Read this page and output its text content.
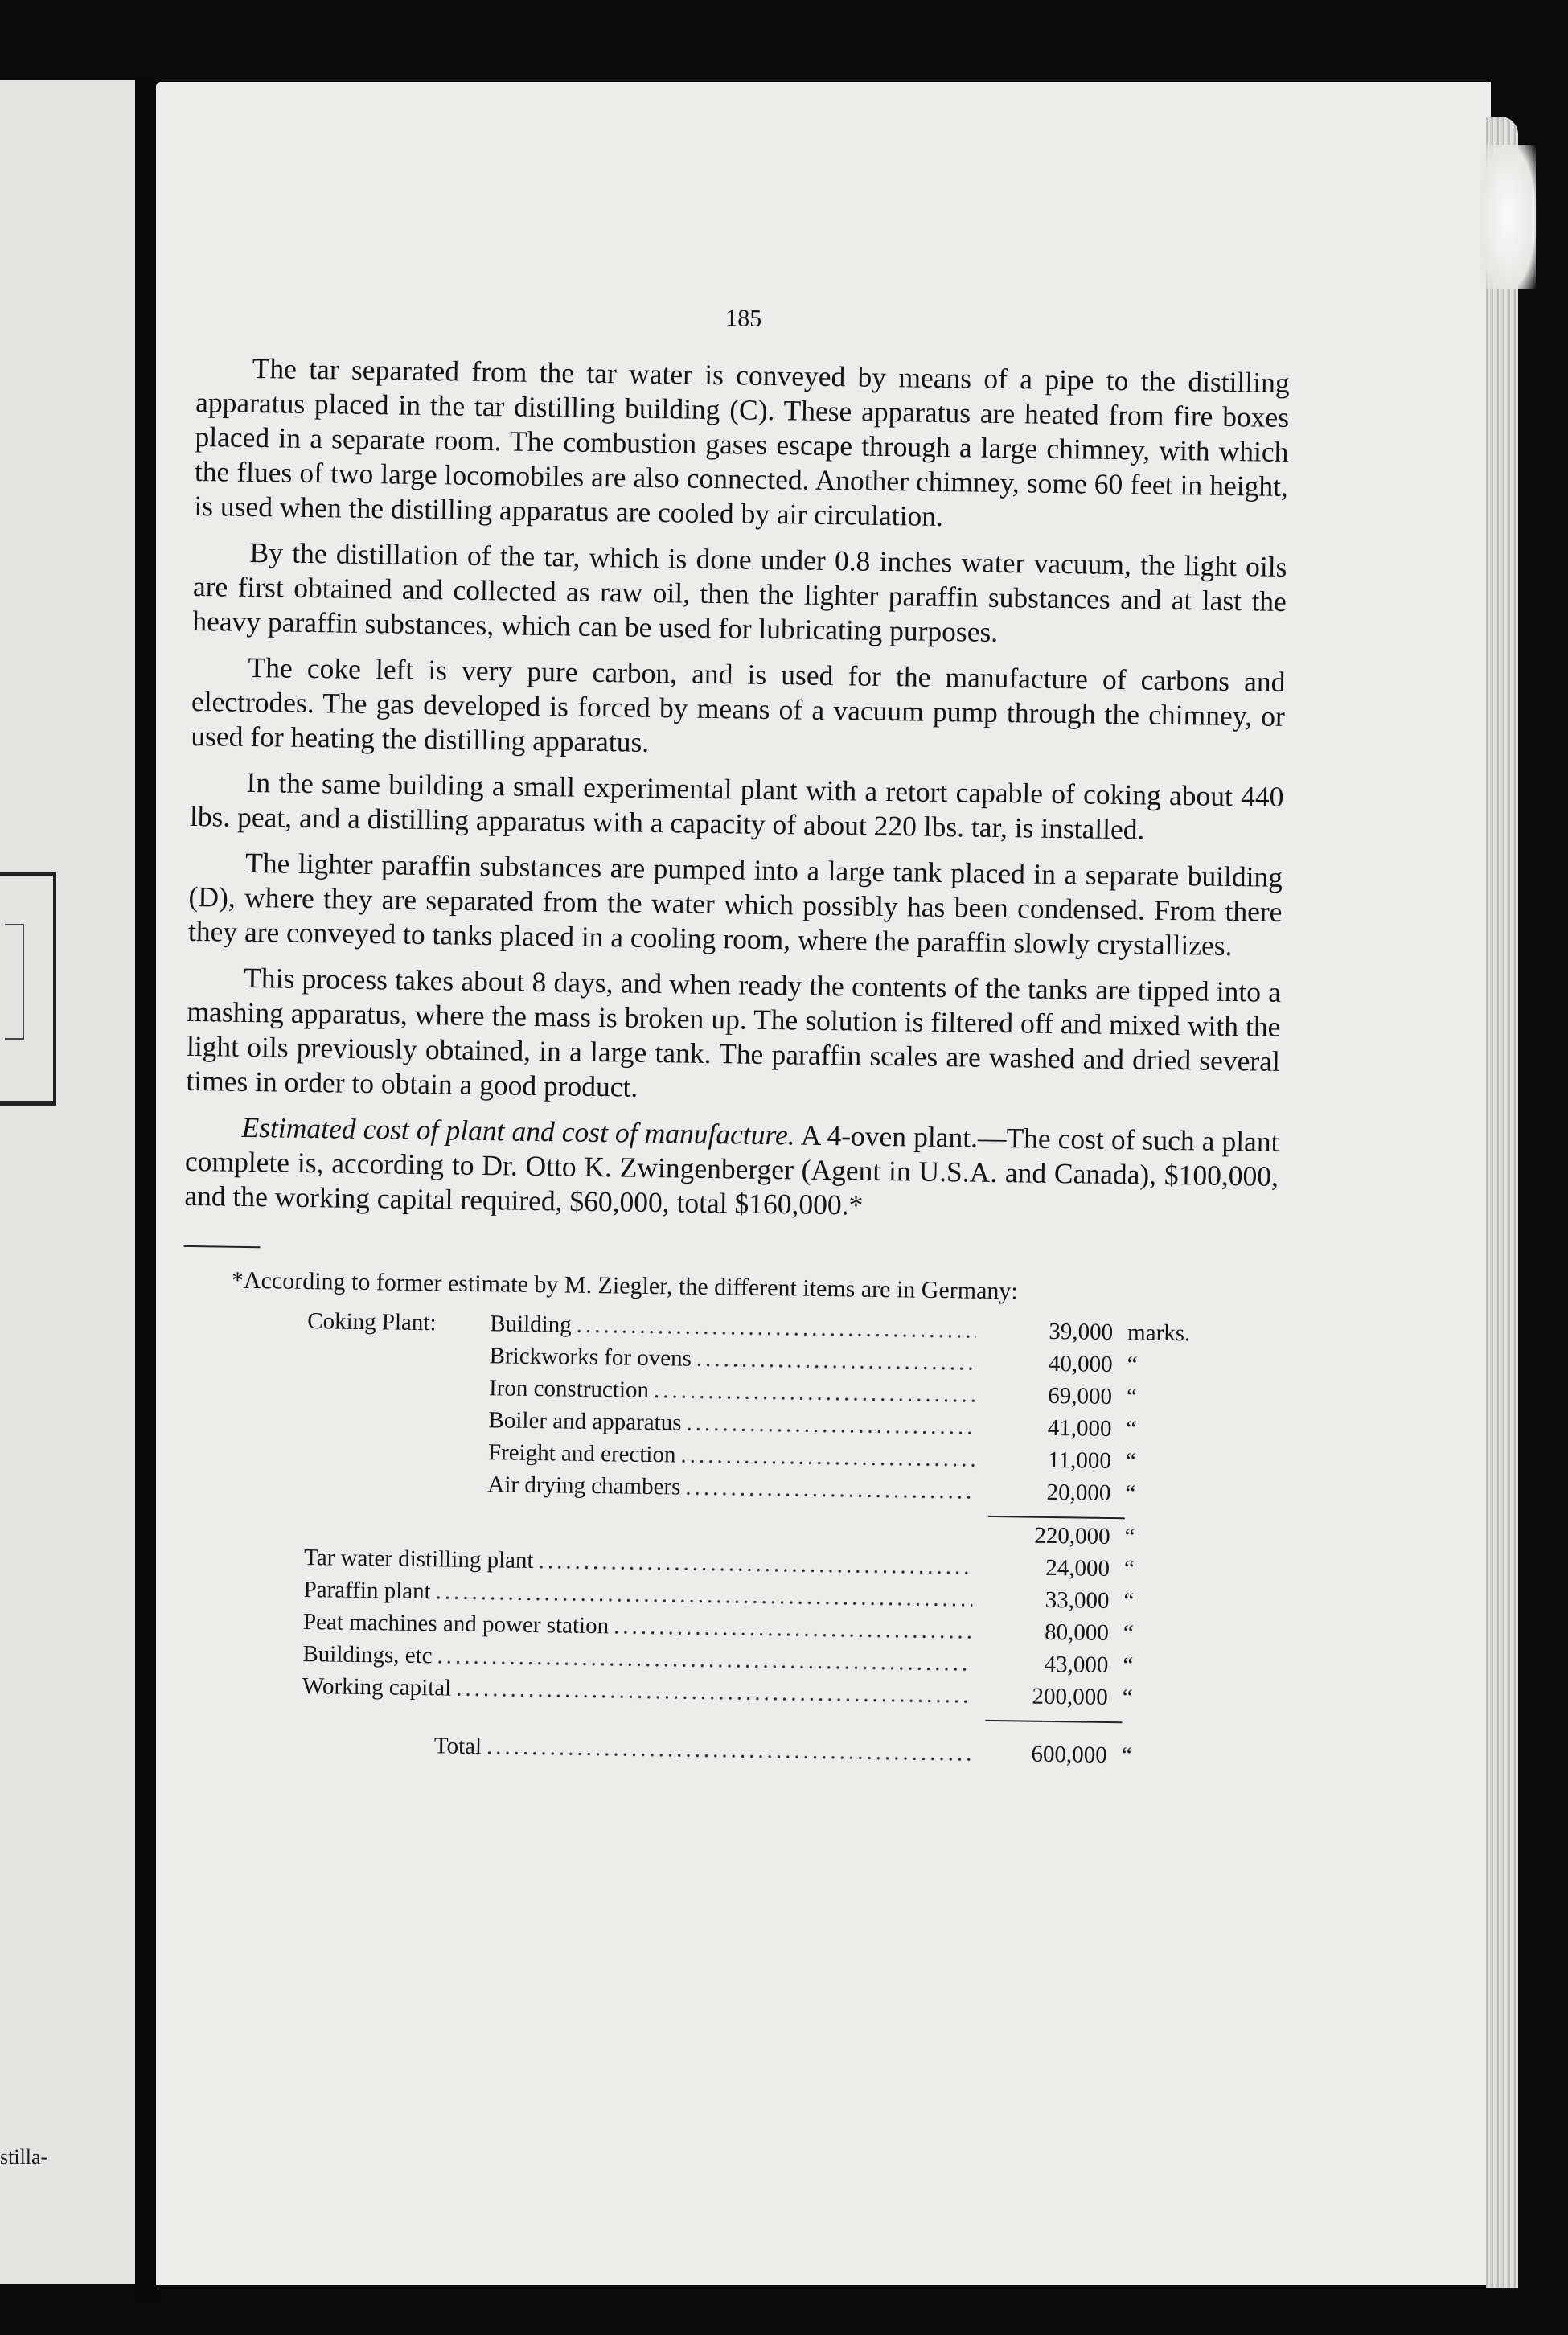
stilla-
185

The tar separated from the tar water is conveyed by means of a pipe to the distilling apparatus placed in the tar distilling building (C). These apparatus are heated from fire boxes placed in a separate room. The combustion gases escape through a large chimney, with which the flues of two large locomobiles are also connected. Another chimney, some 60 feet in height, is used when the distilling apparatus are cooled by air circulation.

By the distillation of the tar, which is done under 0.8 inches water vacuum, the light oils are first obtained and collected as raw oil, then the lighter paraffin substances and at last the heavy paraffin substances, which can be used for lubricating purposes.

The coke left is very pure carbon, and is used for the manufacture of carbons and electrodes. The gas developed is forced by means of a vacuum pump through the chimney, or used for heating the distilling apparatus.

In the same building a small experimental plant with a retort capable of coking about 440 lbs. peat, and a distilling apparatus with a capacity of about 220 lbs. tar, is installed.

The lighter paraffin substances are pumped into a large tank placed in a separate building (D), where they are separated from the water which possibly has been condensed. From there they are conveyed to tanks placed in a cooling room, where the paraffin slowly crystallizes.

This process takes about 8 days, and when ready the contents of the tanks are tipped into a mashing apparatus, where the mass is broken up. The solution is filtered off and mixed with the light oils previously obtained, in a large tank. The paraffin scales are washed and dried several times in order to obtain a good product.

Estimated cost of plant and cost of manufacture. A 4-oven plant.—The cost of such a plant complete is, according to Dr. Otto K. Zwingenberger (Agent in U.S.A. and Canada), $100,000, and the working capital required, $60,000, total $160,000.*

*According to former estimate by M. Ziegler, the different items are in Germany:

Coking Plant:	Building .....	39,000 marks.
Brickworks for ovens .....	40,000 “
Iron construction .....	69,000 “
Boiler and apparatus .....	41,000 “
Freight and erection .....	11,000 “
Air drying chambers .....	20,000 “
220,000 “
Tar water distilling plant .....	24,000 “
Paraffin plant .....	33,000 “
Peat machines and power station .....	80,000 “
Buildings, etc .....	43,000 “
Working capital .....	200,000 “
Total .....	600,000 “
